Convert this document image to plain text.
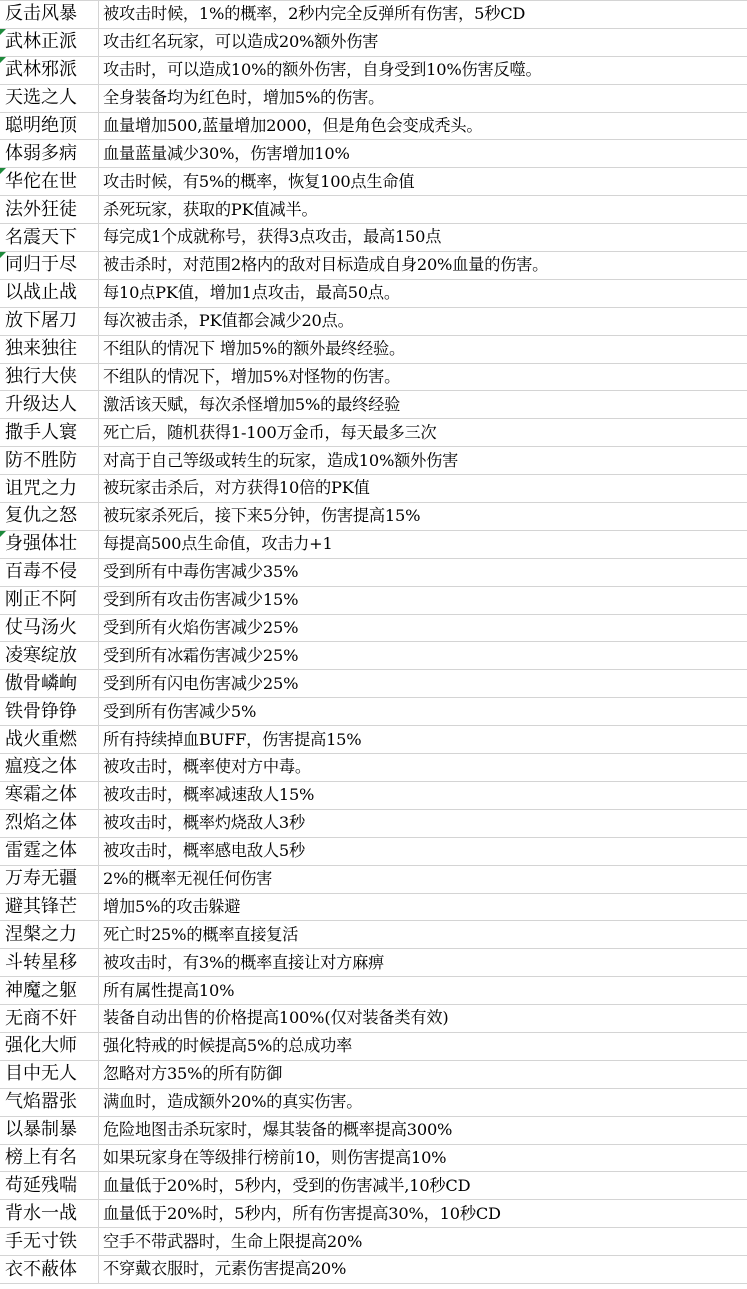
反击风暴 被攻击时候，1%的概率，2秒内完全反弹所有伤害，5秒CD
武林正派 攻击红名玩家，可以造成20%额外伤害
武林邪派 攻击时，可以造成10%的额外伤害，自身受到10%伤害反噬。
天选之人 全身装备均为红色时，增加5%的伤害。
聪明绝顶 血量增加500,蓝量增加2000，但是角色会变成秃头。
体弱多病 血量蓝量减少30%，伤害增加10%
华佗在世 攻击时候，有5%的概率，恢复100点生命值
法外狂徒 杀死玩家，获取的PK值减半。
名震天下 每完成1个成就称号，获得3点攻击，最高150点
同归于尽 被击杀时，对范围2格内的敌对目标造成自身20%血量的伤害。
以战止战 每10点PK值，增加1点攻击，最高50点。
放下屠刀 每次被击杀，PK值都会减少20点。
独来独往 不组队的情况下 增加5%的额外最终经验。
独行大侠 不组队的情况下，增加5%对怪物的伤害。
升级达人 激活该天赋，每次杀怪增加5%的最终经验
撒手人寰 死亡后，随机获得1-100万金币，每天最多三次
防不胜防 对高于自己等级或转生的玩家，造成10%额外伤害
诅咒之力 被玩家击杀后，对方获得10倍的PK值
复仇之怒 被玩家杀死后，接下来5分钟，伤害提高15%
身强体壮 每提高500点生命值，攻击力+1
百毒不侵 受到所有中毒伤害减少35%
刚正不阿 受到所有攻击伤害减少15%
仗马汤火 受到所有火焰伤害减少25%
凌寒绽放 受到所有冰霜伤害减少25%
傲骨嶙峋 受到所有闪电伤害减少25%
铁骨铮铮 受到所有伤害减少5%
战火重燃 所有持续掉血BUFF，伤害提高15%
瘟疫之体 被攻击时，概率使对方中毒。
寒霜之体 被攻击时，概率减速敌人15%
烈焰之体 被攻击时，概率灼烧敌人3秒
雷霆之体 被攻击时，概率感电敌人5秒
万寿无疆 2%的概率无视任何伤害
避其锋芒 增加5%的攻击躲避
涅槃之力 死亡时25%的概率直接复活
斗转星移 被攻击时，有3%的概率直接让对方麻痹
神魔之躯 所有属性提高10%
无商不奸 装备自动出售的价格提高100%(仅对装备类有效)
强化大师 强化特戒的时候提高5%的总成功率
目中无人 忽略对方35%的所有防御
气焰嚣张 满血时，造成额外20%的真实伤害。
以暴制暴 危险地图击杀玩家时，爆其装备的概率提高300%
榜上有名 如果玩家身在等级排行榜前10，则伤害提高10%
苟延残喘 血量低于20%时，5秒内，受到的伤害减半,10秒CD
背水一战 血量低于20%时，5秒内，所有伤害提高30%，10秒CD
手无寸铁 空手不带武器时，生命上限提高20%
衣不蔽体 不穿戴衣服时，元素伤害提高20%
